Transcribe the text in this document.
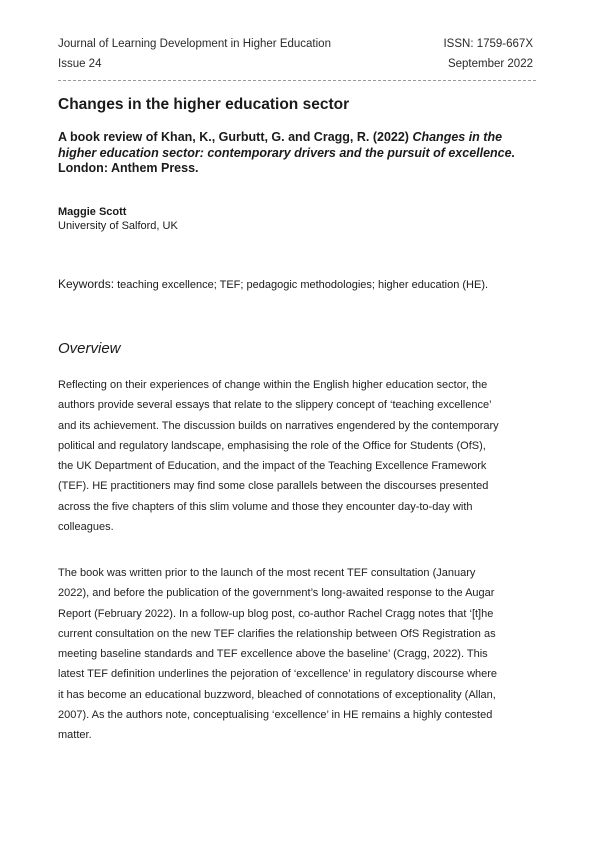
Journal of Learning Development in Higher Education	ISSN: 1759-667X
Issue 24	September 2022
Changes in the higher education sector

A book review of Khan, K., Gurbutt, G. and Cragg, R. (2022) Changes in the higher education sector: contemporary drivers and the pursuit of excellence.
London: Anthem Press.

Maggie Scott
University of Salford, UK
Keywords: teaching excellence; TEF; pedagogic methodologies; higher education (HE).
Overview

Reflecting on their experiences of change within the English higher education sector, the
authors provide several essays that relate to the slippery concept of ‘teaching excellence’
and its achievement. The discussion builds on narratives engendered by the contemporary
political and regulatory landscape, emphasising the role of the Office for Students (OfS),
the UK Department of Education, and the impact of the Teaching Excellence Framework
(TEF). HE practitioners may find some close parallels between the discourses presented
across the five chapters of this slim volume and those they encounter day-to-day with
colleagues.

The book was written prior to the launch of the most recent TEF consultation (January
2022), and before the publication of the government’s long-awaited response to the Augar
Report (February 2022). In a follow-up blog post, co-author Rachel Cragg notes that ‘[t]he
current consultation on the new TEF clarifies the relationship between OfS Registration as
meeting baseline standards and TEF excellence above the baseline’ (Cragg, 2022). This
latest TEF definition underlines the pejoration of ‘excellence’ in regulatory discourse where
it has become an educational buzzword, bleached of connotations of exceptionality (Allan,
2007). As the authors note, conceptualising ‘excellence’ in HE remains a highly contested
matter.
